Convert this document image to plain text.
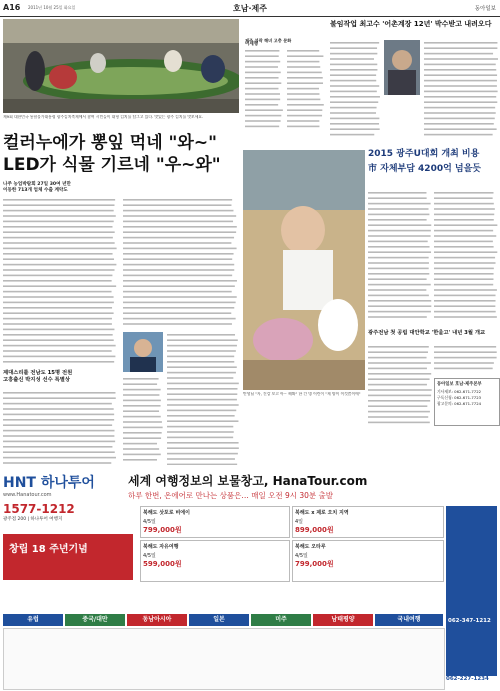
A16 2011년 10월 25일 화요일	호남·제주	동아일보
제9회 대한민국 통합물가대통령 광주김치축제에서 참여 시민들이 대형 김치를 담그고 있다. 맛있는 광주 김치를 맛보세요.
컬러누에가 뽕잎 먹네 "와~"
LED가 식물 기르네 "우~와"
나주 농업박람회 27일 30여 년만
이동한 713개 업체 수출 계약도
이세형
제주 성곽 해녀 고층 문화
불임작업 최고수 '어촌계장 12년' 박수받고 내려오다
2015 광주U대회 개최 비용
市 자체부담 4200억 넘을듯
반생님 "자, 건강 보고 아~ 해봐" 한 간 명 어린이 "제 양이 이것쯤이에"
광주전남 첫 공립 대안학교 '한울고' 내년 3월 개교
동아일보 호남·제주본부
기사제보: 062-671-7722
구독신청: 062-671-7723
광고문의: 062-671-7724
제대스리를 전남도 15명 전원
고흥출신 박지성 선수 특별상
HNT 하나투어
www.Hanatour.com
1577-1212
광주점 200 | 하나투어 여행지
세계 여행정보의 보물창고, HanaTour.com
하루 한번, 온에어로 만나는 상품은… 매일 오전 9시 30분 출발
창립 18 주년기념
북해도 삿포로 비에이
4/5일
799,000원
북해도 x 제로 오치 지역
4일
899,000원
북해도 자유여행
4/5일
599,000원
북해도 오타루
4/5일
799,000원
062-347-1212
유럽	중국/대만	동남아시아	일본	미주	남태평양	국내여행
062-227-1234
